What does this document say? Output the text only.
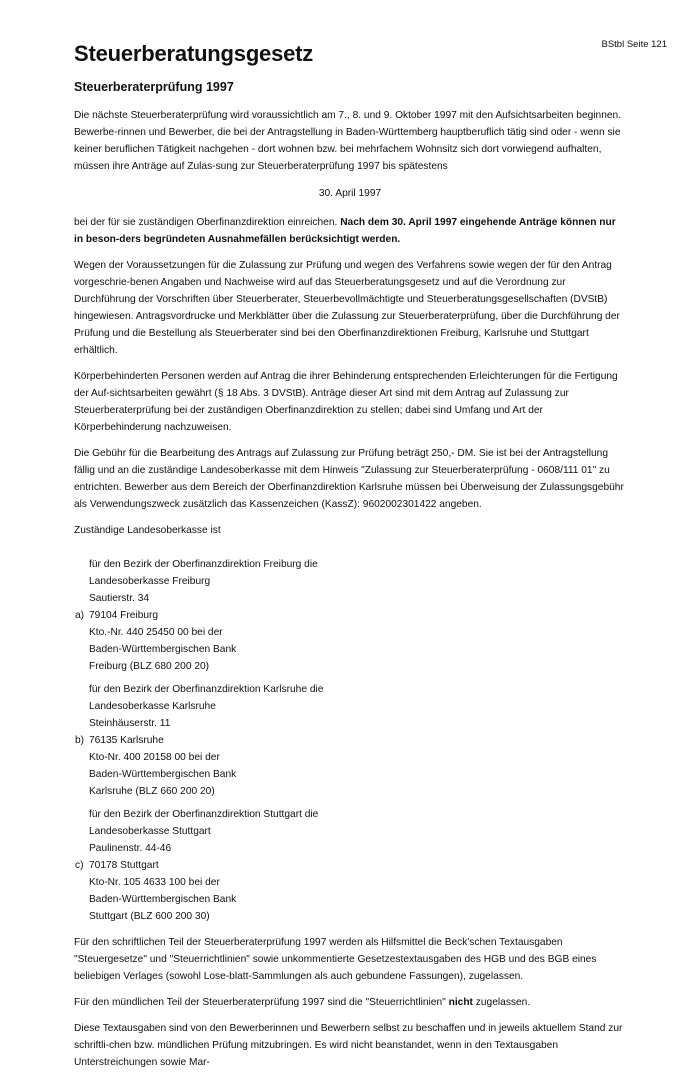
BStbl Seite 121
Steuerberatungsgesetz
Steuerberaterprüfung 1997

Die nächste Steuerberaterprüfung wird voraussichtlich am 7., 8. und 9. Oktober 1997 mit den Aufsichtsarbeiten beginnen. Bewerbe-rinnen und Bewerber, die bei der Antragstellung in Baden-Württemberg hauptberuflich tätig sind oder - wenn sie keiner beruflichen Tätigkeit nachgehen - dort wohnen bzw. bei mehrfachem Wohnsitz sich dort vorwiegend aufhalten, müssen ihre Anträge auf Zulas-sung zur Steuerberaterprüfung 1997 bis spätestens

30. April 1997

bei der für sie zuständigen Oberfinanzdirektion einreichen. Nach dem 30. April 1997 eingehende Anträge können nur in beson-ders begründeten Ausnahmefällen berücksichtigt werden.

Wegen der Voraussetzungen für die Zulassung zur Prüfung und wegen des Verfahrens sowie wegen der für den Antrag vorgeschrie-benen Angaben und Nachweise wird auf das Steuerberatungsgesetz und auf die Verordnung zur Durchführung der Vorschriften über Steuerberater, Steuerbevollmächtigte und Steuerberatungsgesellschaften (DVStB) hingewiesen. Antragsvordrucke und Merkblätter über die Zulassung zur Steuerberaterprüfung, über die Durchführung der Prüfung und die Bestellung als Steuerberater sind bei den Oberfinanzdirektionen Freiburg, Karlsruhe und Stuttgart erhältlich.

Körperbehinderten Personen werden auf Antrag die ihrer Behinderung entsprechenden Erleichterungen für die Fertigung der Auf-sichtsarbeiten gewährt (§ 18 Abs. 3 DVStB). Anträge dieser Art sind mit dem Antrag auf Zulassung zur Steuerberaterprüfung bei der zuständigen Oberfinanzdirektion zu stellen; dabei sind Umfang und Art der Körperbehinderung nachzuweisen.

Die Gebühr für die Bearbeitung des Antrags auf Zulassung zur Prüfung beträgt 250,- DM. Sie ist bei der Antragstellung fällig und an die zuständige Landesoberkasse mit dem Hinweis "Zulassung zur Steuerberaterprüfung - 0608/111 01" zu entrichten. Bewerber aus dem Bereich der Oberfinanzdirektion Karlsruhe müssen bei Überweisung der Zulassungsgebühr als Verwendungszweck zusätzlich das Kassenzeichen (KassZ): 9602002301422 angeben.

Zuständige Landesoberkasse ist

a)
für den Bezirk der Oberfinanzdirektion Freiburg die
Landesoberkasse Freiburg
Sautierstr. 34
79104 Freiburg
Kto.-Nr. 440 25450 00 bei der
Baden-Württembergischen Bank
Freiburg (BLZ 680 200 20)
b)
für den Bezirk der Oberfinanzdirektion Karlsruhe die
Landesoberkasse Karlsruhe
Steinhäuserstr. 11
76135 Karlsruhe
Kto-Nr. 400 20158 00 bei der
Baden-Württembergischen Bank
Karlsruhe (BLZ 660 200 20)
c)
für den Bezirk der Oberfinanzdirektion Stuttgart die
Landesoberkasse Stuttgart
Paulinenstr. 44-46
70178 Stuttgart
Kto-Nr. 105 4633 100 bei der
Baden-Württembergischen Bank
Stuttgart (BLZ 600 200 30)

Für den schriftlichen Teil der Steuerberaterprüfung 1997 werden als Hilfsmittel die Beck'schen Textausgaben "Steuergesetze" und "Steuerrichtlinien" sowie unkommentierte Gesetzestextausgaben des HGB und des BGB eines beliebigen Verlages (sowohl Lose-blatt-Sammlungen als auch gebundene Fassungen), zugelassen.

Für den mündlichen Teil der Steuerberaterprüfung 1997 sind die "Steuerrichtlinien" nicht zugelassen.

Diese Textausgaben sind von den Bewerberinnen und Bewerbern selbst zu beschaffen und in jeweils aktuellem Stand zur schriftli-chen bzw. mündlichen Prüfung mitzubringen. Es wird nicht beanstandet, wenn in den Textausgaben Unterstreichungen sowie Mar-
